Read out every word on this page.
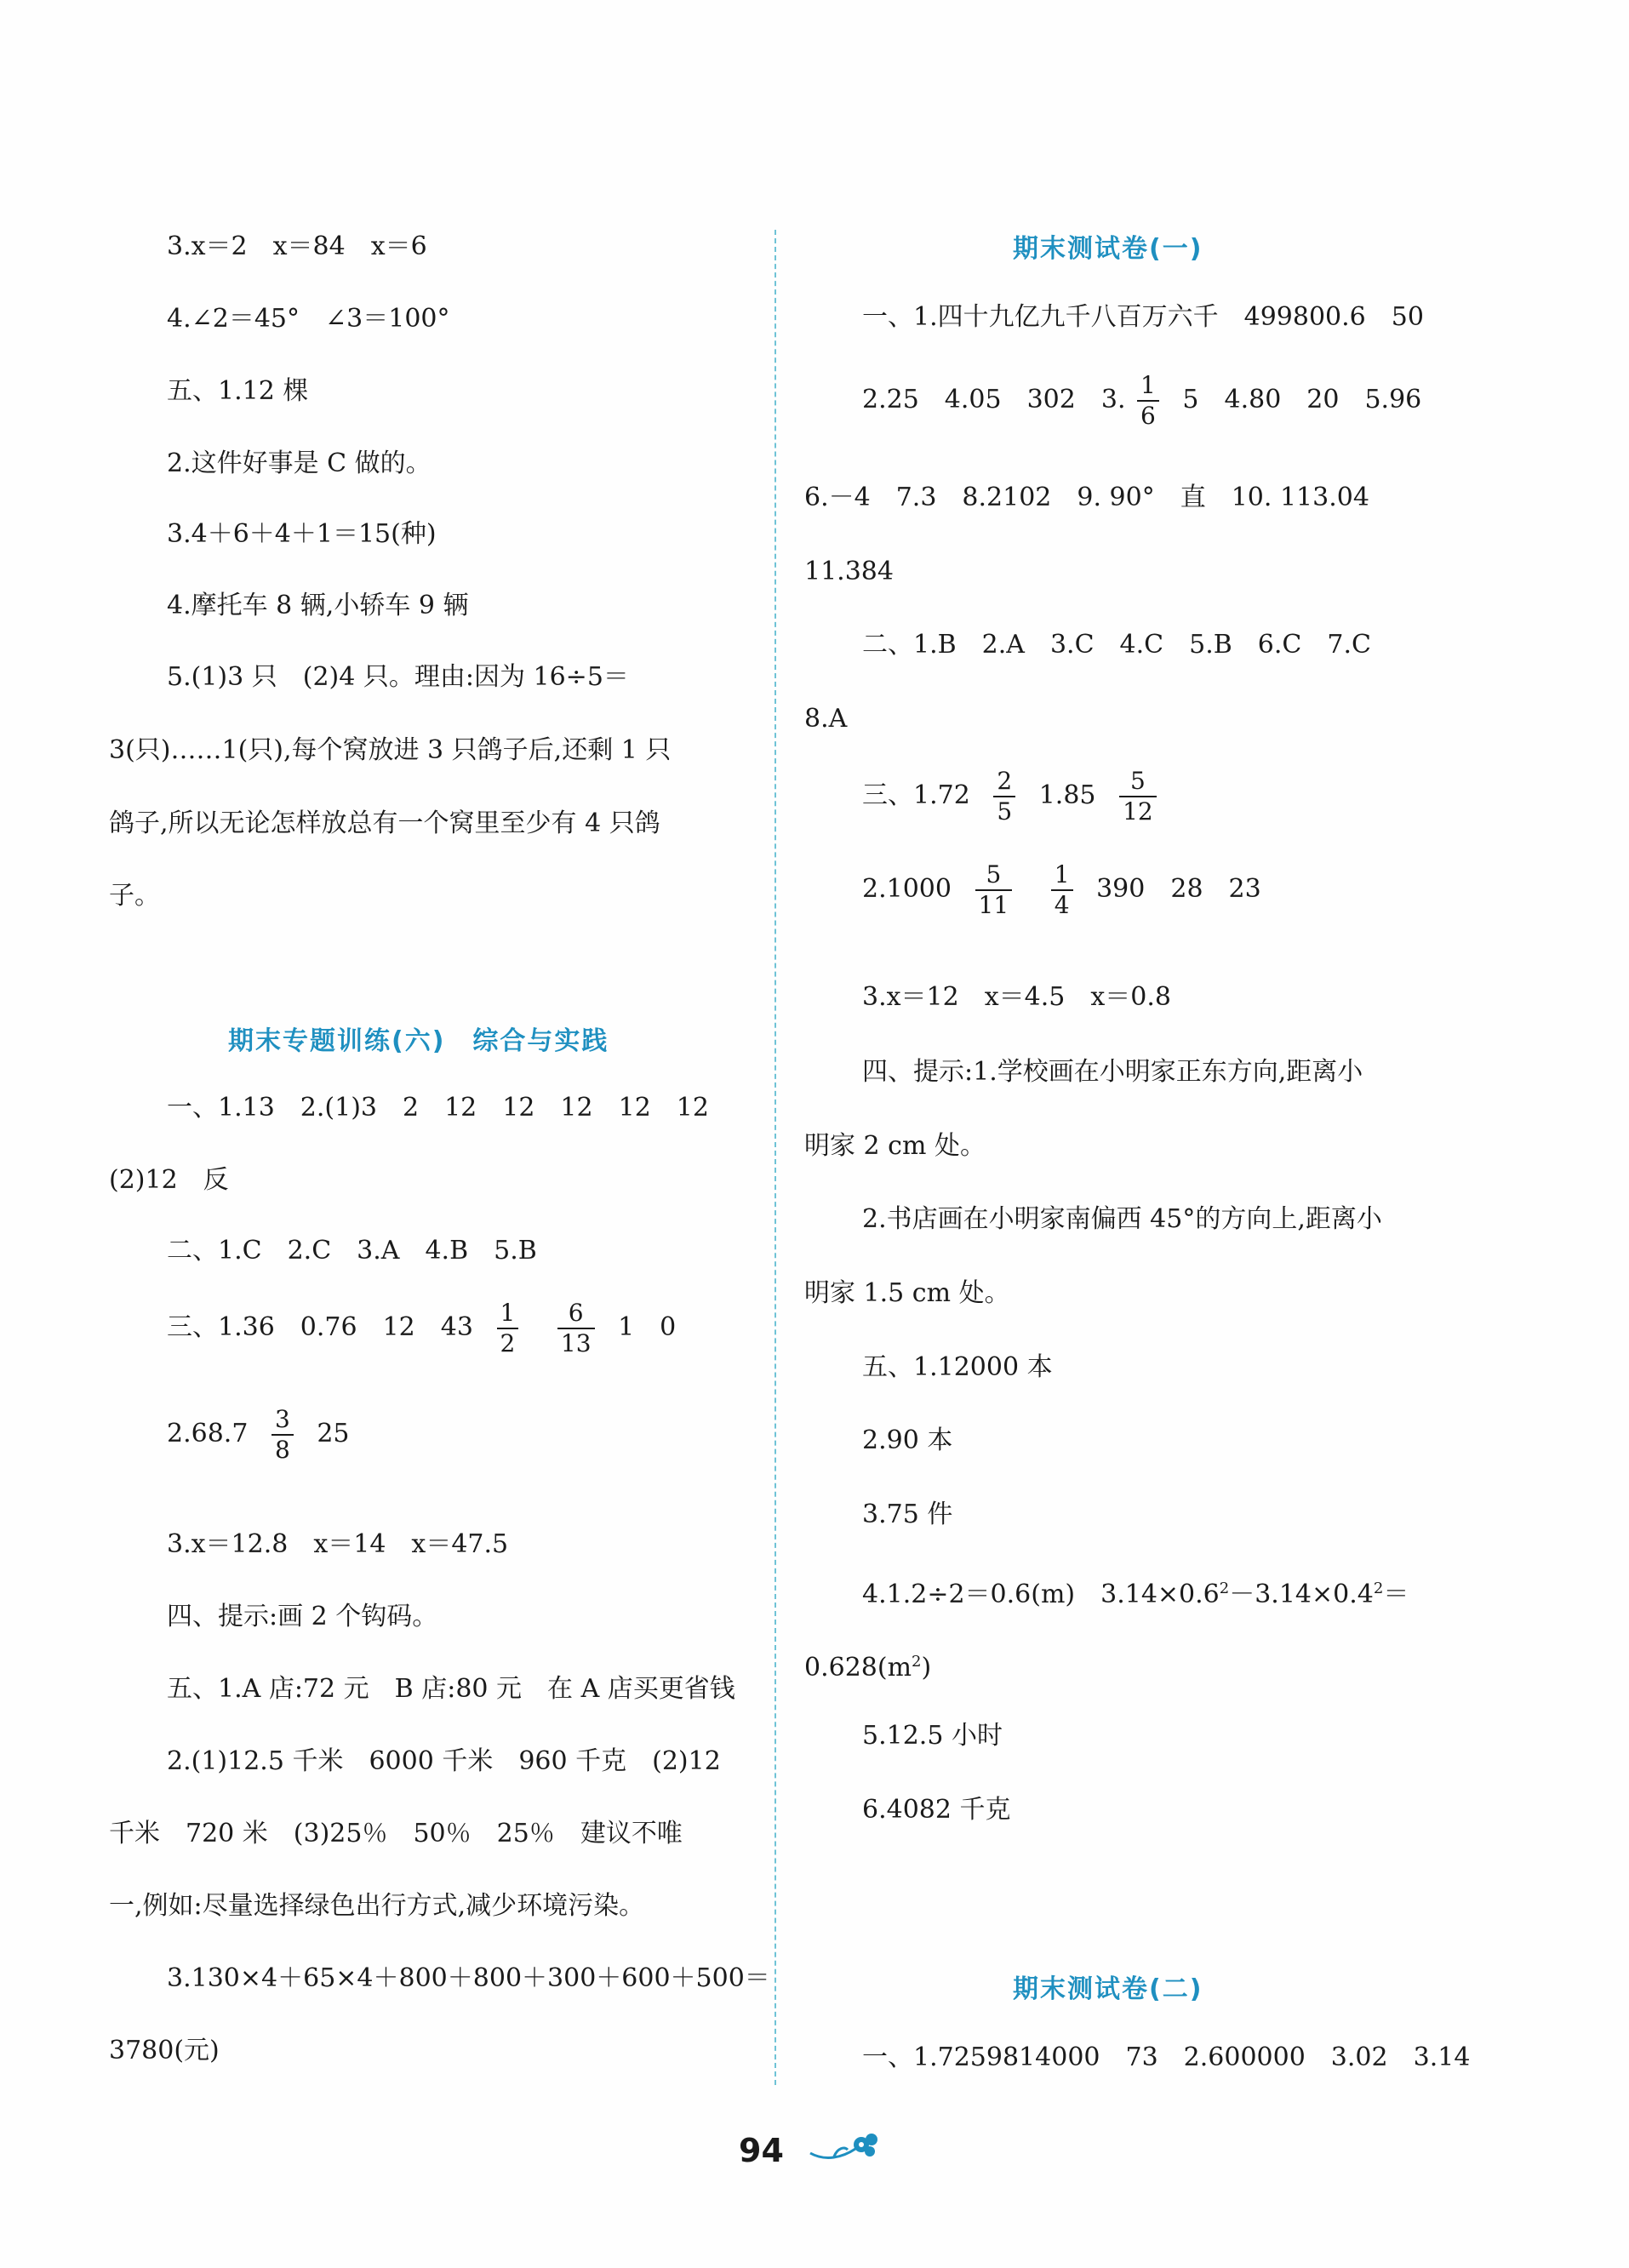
3.x＝2　x＝84　x＝6
4.∠2＝45°　∠3＝100°
五、1.12 棵
2.这件好事是 C 做的。
3.4＋6＋4＋1＝15(种)
4.摩托车 8 辆,小轿车 9 辆
5.(1)3 只　(2)4 只。理由:因为 16÷5＝
3(只)……1(只),每个窝放进 3 只鸽子后,还剩 1 只
鸽子,所以无论怎样放总有一个窝里至少有 4 只鸽
子。
期末专题训练(六)　综合与实践
一、1.13　2.(1)3　2　12　12　12　12　12
(2)12　反
二、1.C　2.C　3.A　4.B　5.B
三、1.36　0.76　12　$43 \frac{1}{2}$
$\frac{6}{13} 1$　0
$2.68.7 \frac{3}{8} 25$
3.x＝12.8　x＝14　x＝47.5
四、提示:画 2 个钩码。
五、1.A 店:72 元　B 店:80 元　在 A 店买更省钱
2.(1)12.5 千米　6000 千米　960 千克　(2)12
千米　720 米　(3)25％　50％　25％　建议不唯
一,例如:尽量选择绿色出行方式,减少环境污染。
3.130×4＋65×4＋800＋800＋300＋600＋500＝
3780(元)
期末测试卷(一)
一、1.四十九亿九千八百万六千　499800.6　50
2.25　4.05　302　3. $\frac{1}{6} 5$　4.80　20　5.96
6.－4　7.3　8.2102　9. 90°　直　10. 113.04
11.384
二、1.B　2.A　3.C　4.C　5.B　6.C　7.C
8.A
三、$1.72 \frac{2}{5} 1.85 \frac{5}{12}$
$2.1000 \frac{5}{11}$
$\frac{1}{4} 390$　28　23
3.x＝12　x＝4.5　x＝0.8
四、提示:1.学校画在小明家正东方向,距离小
明家 2 cm 处。
2.书店画在小明家南偏西 45°的方向上,距离小
明家 1.5 cm 处。
五、1.12000 本
2.90 本
3.75 件
4.1.2÷2＝0.6(m)　$3.14\times 0.6^2-3.14\times 0.4^2=$
$0.628(m^2)$
5.12.5 小时
6.4082 千克
期末测试卷(二)
一、1.7259814000　73　2.600000　3.02　3.14
94
